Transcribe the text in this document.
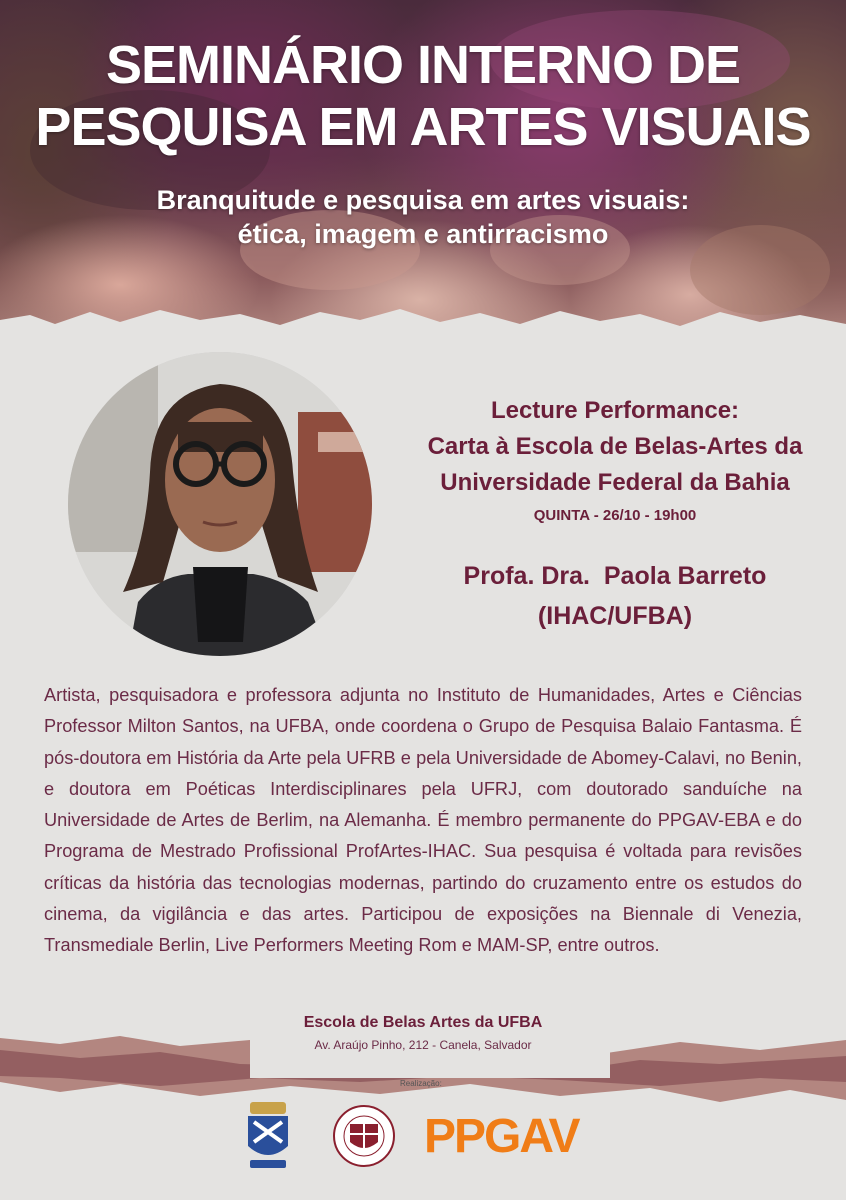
SEMINÁRIO INTERNO DE
PESQUISA EM ARTES VISUAIS
Branquitude e pesquisa em artes visuais:
ética, imagem e antirracismo
Lecture Performance:
Carta à Escola de Belas-Artes da
Universidade Federal da Bahia
QUINTA - 26/10 - 19h00
Profa. Dra.  Paola Barreto
(IHAC/UFBA)

Artista, pesquisadora e professora adjunta no Instituto de Humanidades, Artes e Ciências Professor Milton Santos, na UFBA, onde coordena o Grupo de Pesquisa Balaio Fantasma. É pós-doutora em História da Arte pela UFRB e pela Universidade de Abomey-Calavi, no Benin, e doutora em Poéticas Interdisciplinares pela UFRJ, com doutorado sanduíche na Universidade de Artes de Berlim, na Alemanha. É membro permanente do PPGAV-EBA e do Programa de Mestrado Profissional ProfArtes-IHAC. Sua pesquisa é voltada para revisões críticas da história das tecnologias modernas, partindo do cruzamento entre os estudos do cinema, da vigilância e das artes. Participou de exposições na Biennale di Venezia, Transmediale Berlin, Live Performers Meeting Rom e MAM-SP, entre outros.

Escola de Belas Artes da UFBA
Av. Araújo Pinho, 212 - Canela, Salvador
Realização:
PPGAV
